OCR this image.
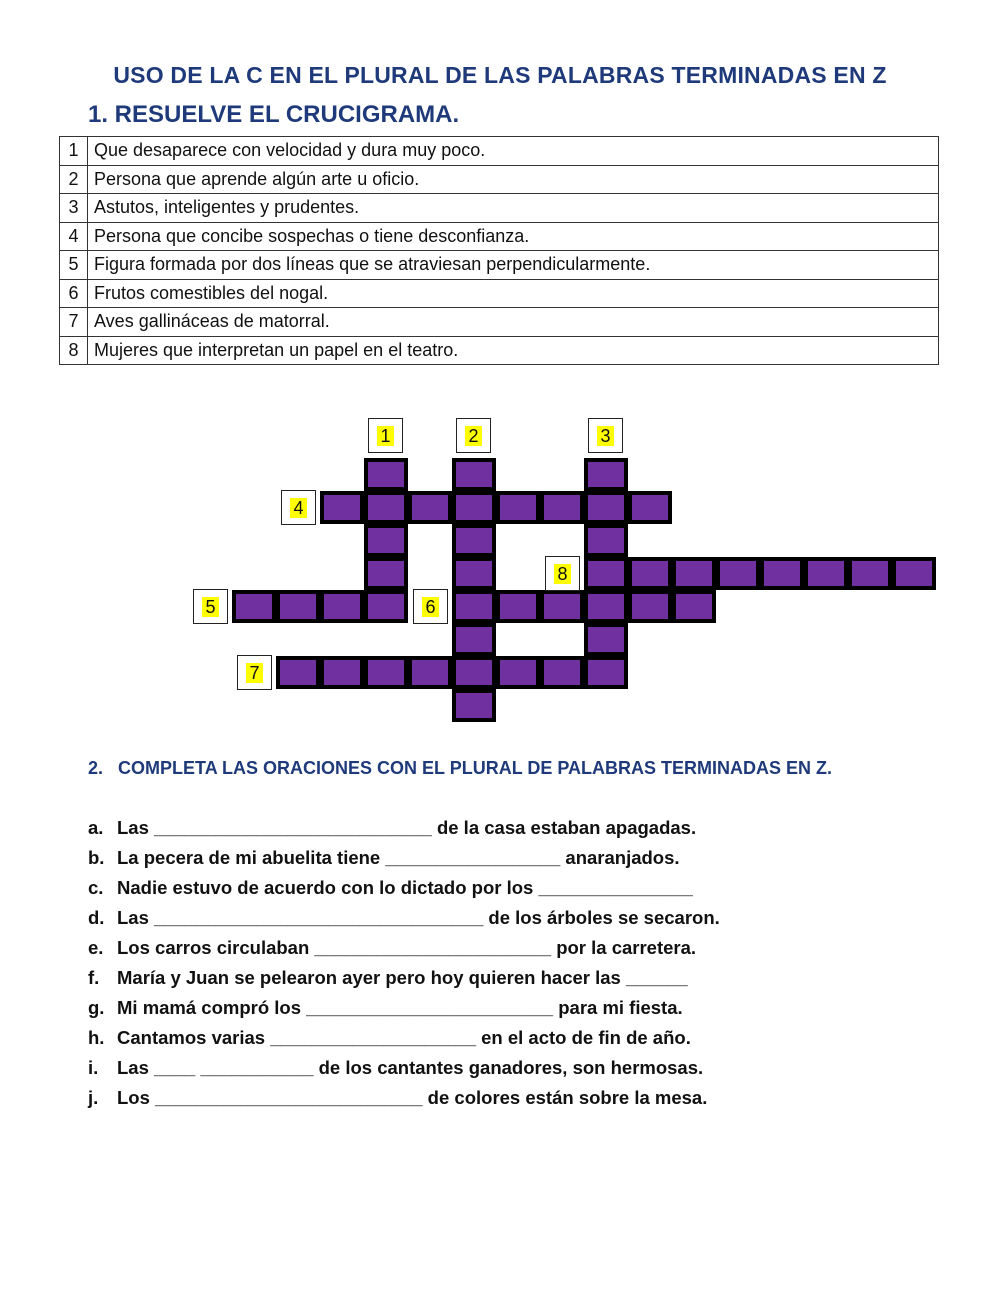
USO DE LA C EN EL PLURAL DE LAS PALABRAS TERMINADAS EN Z
1. RESUELVE EL CRUCIGRAMA.
1	Que desaparece con velocidad y dura muy poco.
2	Persona que aprende algún arte u oficio.
3	Astutos, inteligentes y prudentes.
4	Persona que concibe sospechas o tiene desconfianza.
5	Figura formada por dos líneas que se atraviesan perpendicularmente.
6	Frutos comestibles del nogal.
7	Aves gallináceas de matorral.
8	Mujeres que interpretan un papel en el teatro.
1	2	3
4
8
5	6
7
2. COMPLETA LAS ORACIONES CON EL PLURAL DE PALABRAS TERMINADAS EN Z.
a. Las ___________________________ de la casa estaban apagadas.
b. La pecera de mi abuelita tiene _________________ anaranjados.
c. Nadie estuvo de acuerdo con lo dictado por los _______________
d. Las ________________________________ de los árboles se secaron.
e. Los carros circulaban _______________________ por la carretera.
f. María y Juan se pelearon ayer pero hoy quieren hacer las ______
g. Mi mamá compró los ________________________ para mi fiesta.
h. Cantamos varias ____________________ en el acto de fin de año.
i. Las ____ ___________ de los cantantes ganadores, son hermosas.
j. Los __________________________ de colores están sobre la mesa.
